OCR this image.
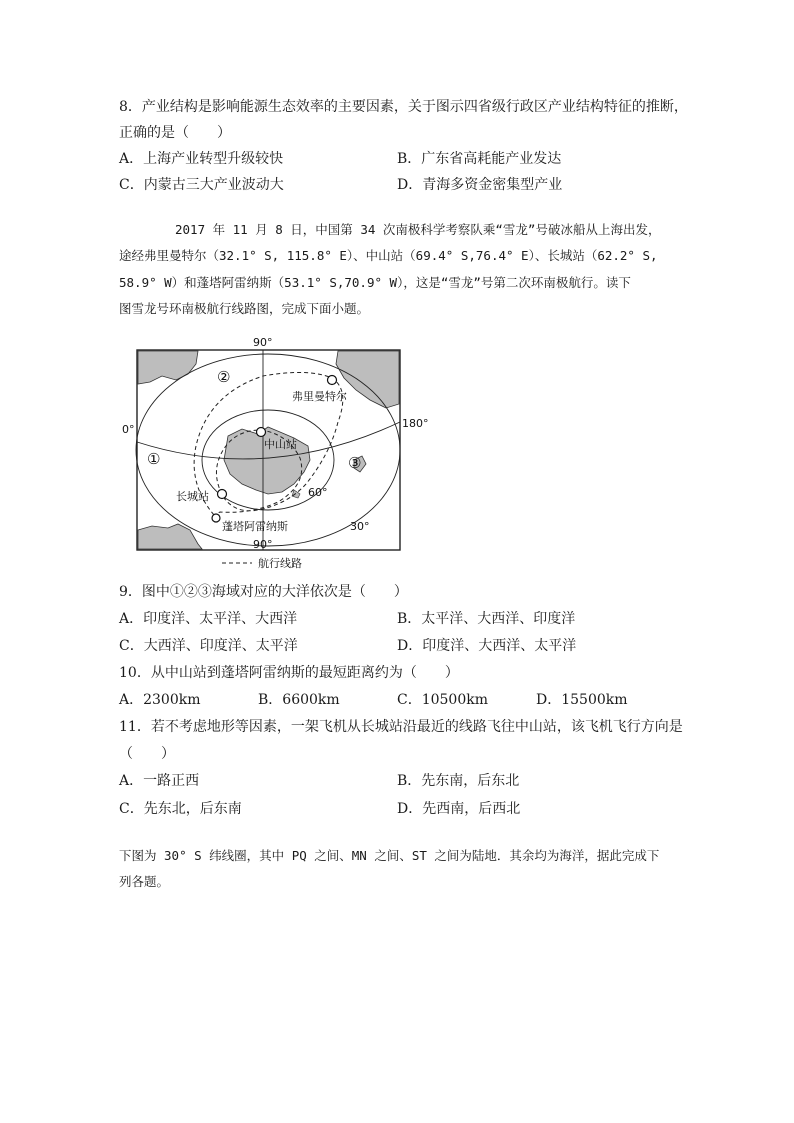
8．产业结构是影响能源生态效率的主要因素，关于图示四省级行政区产业结构特征的推断，
正确的是（　　）
A．上海产业转型升级较快	B．广东省高耗能产业发达
C．内蒙古三大产业波动大	D．青海多资金密集型产业
2017 年 11 月 8 日，中国第 34 次南极科学考察队乘“雪龙”号破冰船从上海出发，
途经弗里曼特尔（32.1° S, 115.8° E）、中山站（69.4° S,76.4° E）、长城站（62.2° S,
58.9° W）和蓬塔阿雷纳斯（53.1° S,70.9° W），这是“雪龙”号第二次环南极航行。读下
图雪龙号环南极航行线路图，完成下面小题。
90°
90°
0°	180°
60°
30°
①
②
③
弗里曼特尔
中山站
长城站
蓬塔阿雷纳斯
航行线路
9．图中①②③海域对应的大洋依次是（　　）
A．印度洋、太平洋、大西洋	B．太平洋、大西洋、印度洋
C．大西洋、印度洋、太平洋	D．印度洋、大西洋、太平洋
10．从中山站到蓬塔阿雷纳斯的最短距离约为（　　）
A．2300km	B．6600km	C．10500km	D．15500km
11．若不考虑地形等因素，一架飞机从长城站沿最近的线路飞往中山站，该飞机飞行方向是
（　　）
A．一路正西	B．先东南，后东北
C．先东北，后东南	D．先西南，后西北
下图为 30° S 纬线圈，其中 PQ 之间、MN 之间、ST 之间为陆地．其余均为海洋，据此完成下
列各题。
